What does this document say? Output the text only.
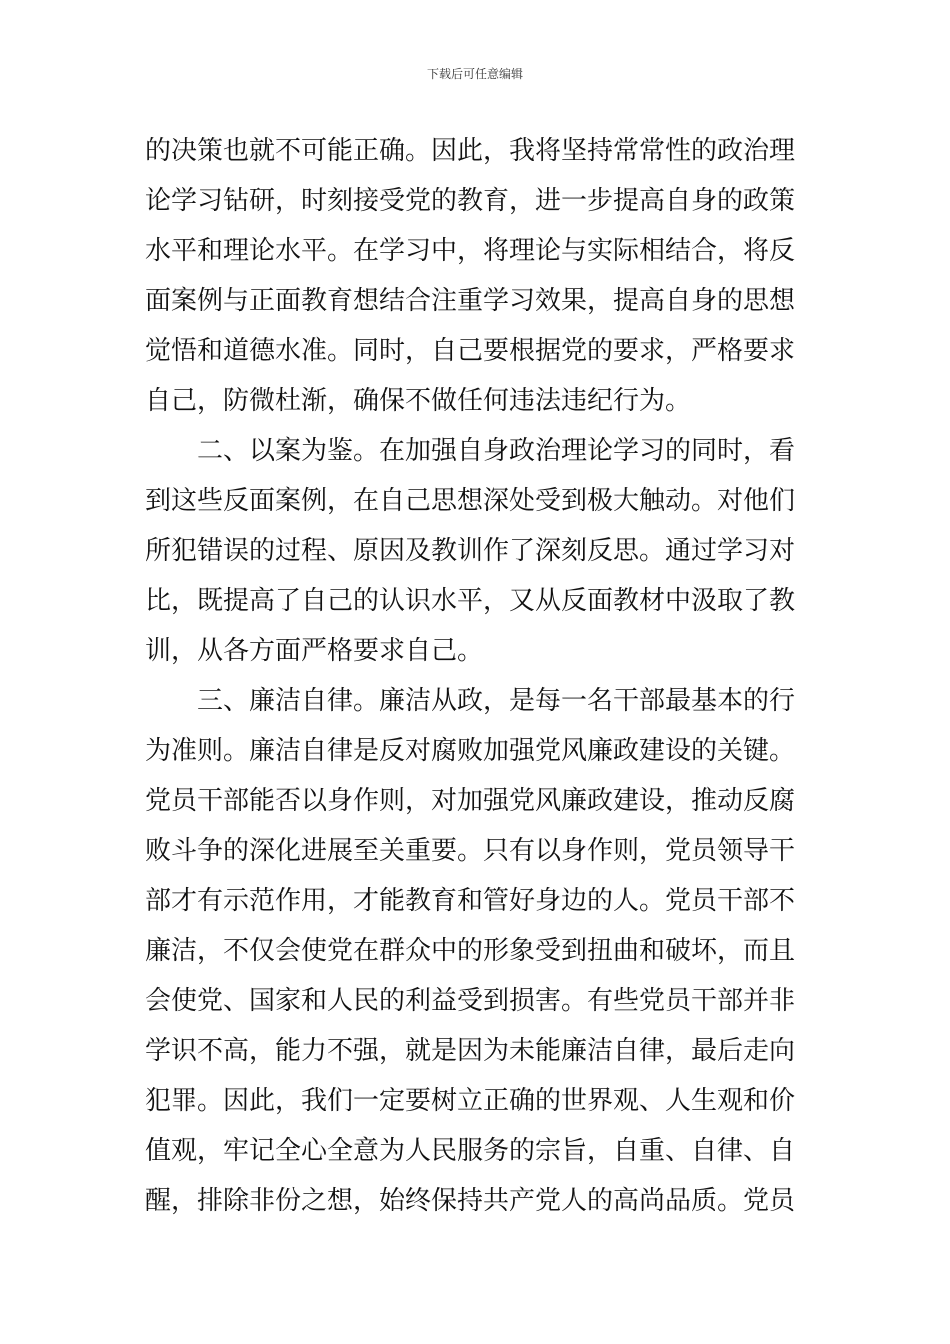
下载后可任意编辑
的决策也就不可能正确。因此，我将坚持常常性的政治理
论学习钻研，时刻接受党的教育，进一步提高自身的政策
水平和理论水平。在学习中，将理论与实际相结合，将反
面案例与正面教育想结合注重学习效果，提高自身的思想
觉悟和道德水准。同时，自己要根据党的要求，严格要求
自己，防微杜渐，确保不做任何违法违纪行为。
二、以案为鉴。在加强自身政治理论学习的同时，看
到这些反面案例，在自己思想深处受到极大触动。对他们
所犯错误的过程、原因及教训作了深刻反思。通过学习对
比，既提高了自己的认识水平，又从反面教材中汲取了教
训，从各方面严格要求自己。
三、廉洁自律。廉洁从政，是每一名干部最基本的行
为准则。廉洁自律是反对腐败加强党风廉政建设的关键。
党员干部能否以身作则，对加强党风廉政建设，推动反腐
败斗争的深化进展至关重要。只有以身作则，党员领导干
部才有示范作用，才能教育和管好身边的人。党员干部不
廉洁，不仅会使党在群众中的形象受到扭曲和破坏，而且
会使党、国家和人民的利益受到损害。有些党员干部并非
学识不高，能力不强，就是因为未能廉洁自律，最后走向
犯罪。因此，我们一定要树立正确的世界观、人生观和价
值观，牢记全心全意为人民服务的宗旨，自重、自律、自
醒，排除非份之想，始终保持共产党人的高尚品质。党员
